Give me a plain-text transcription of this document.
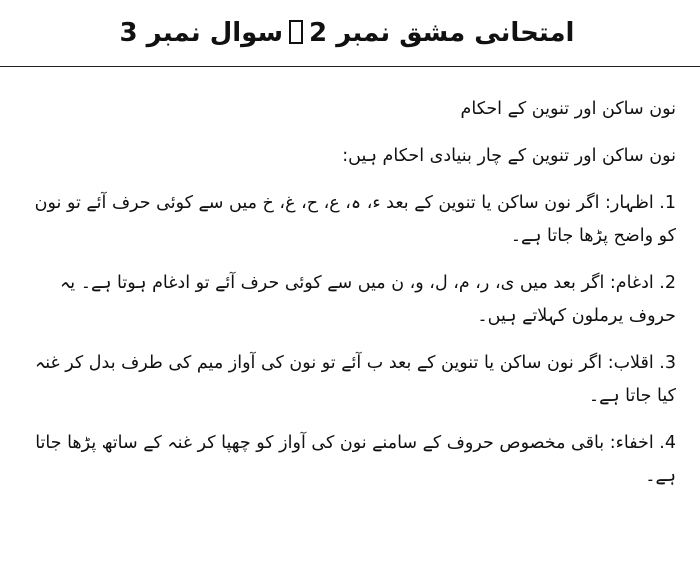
امتحانی مشق نمبر 2سوال نمبر 3

نون ساکن اور تنوین کے احکام

نون ساکن اور تنوین کے چار بنیادی احکام ہیں:

1. اظہار: اگر نون ساکن یا تنوین کے بعد ء، ہ، ع، ح، غ، خ میں سے کوئی حرف آئے تو نون کو واضح پڑھا جاتا ہے۔

2. ادغام: اگر بعد میں ی، ر، م، ل، و، ن میں سے کوئی حرف آئے تو ادغام ہوتا ہے۔ یہ حروف یرملون کہلاتے ہیں۔

3. اقلاب: اگر نون ساکن یا تنوین کے بعد ب آئے تو نون کی آواز میم کی طرف بدل کر غنہ کیا جاتا ہے۔

4. اخفاء: باقی مخصوص حروف کے سامنے نون کی آواز کو چھپا کر غنہ کے ساتھ پڑھا جاتا ہے۔
